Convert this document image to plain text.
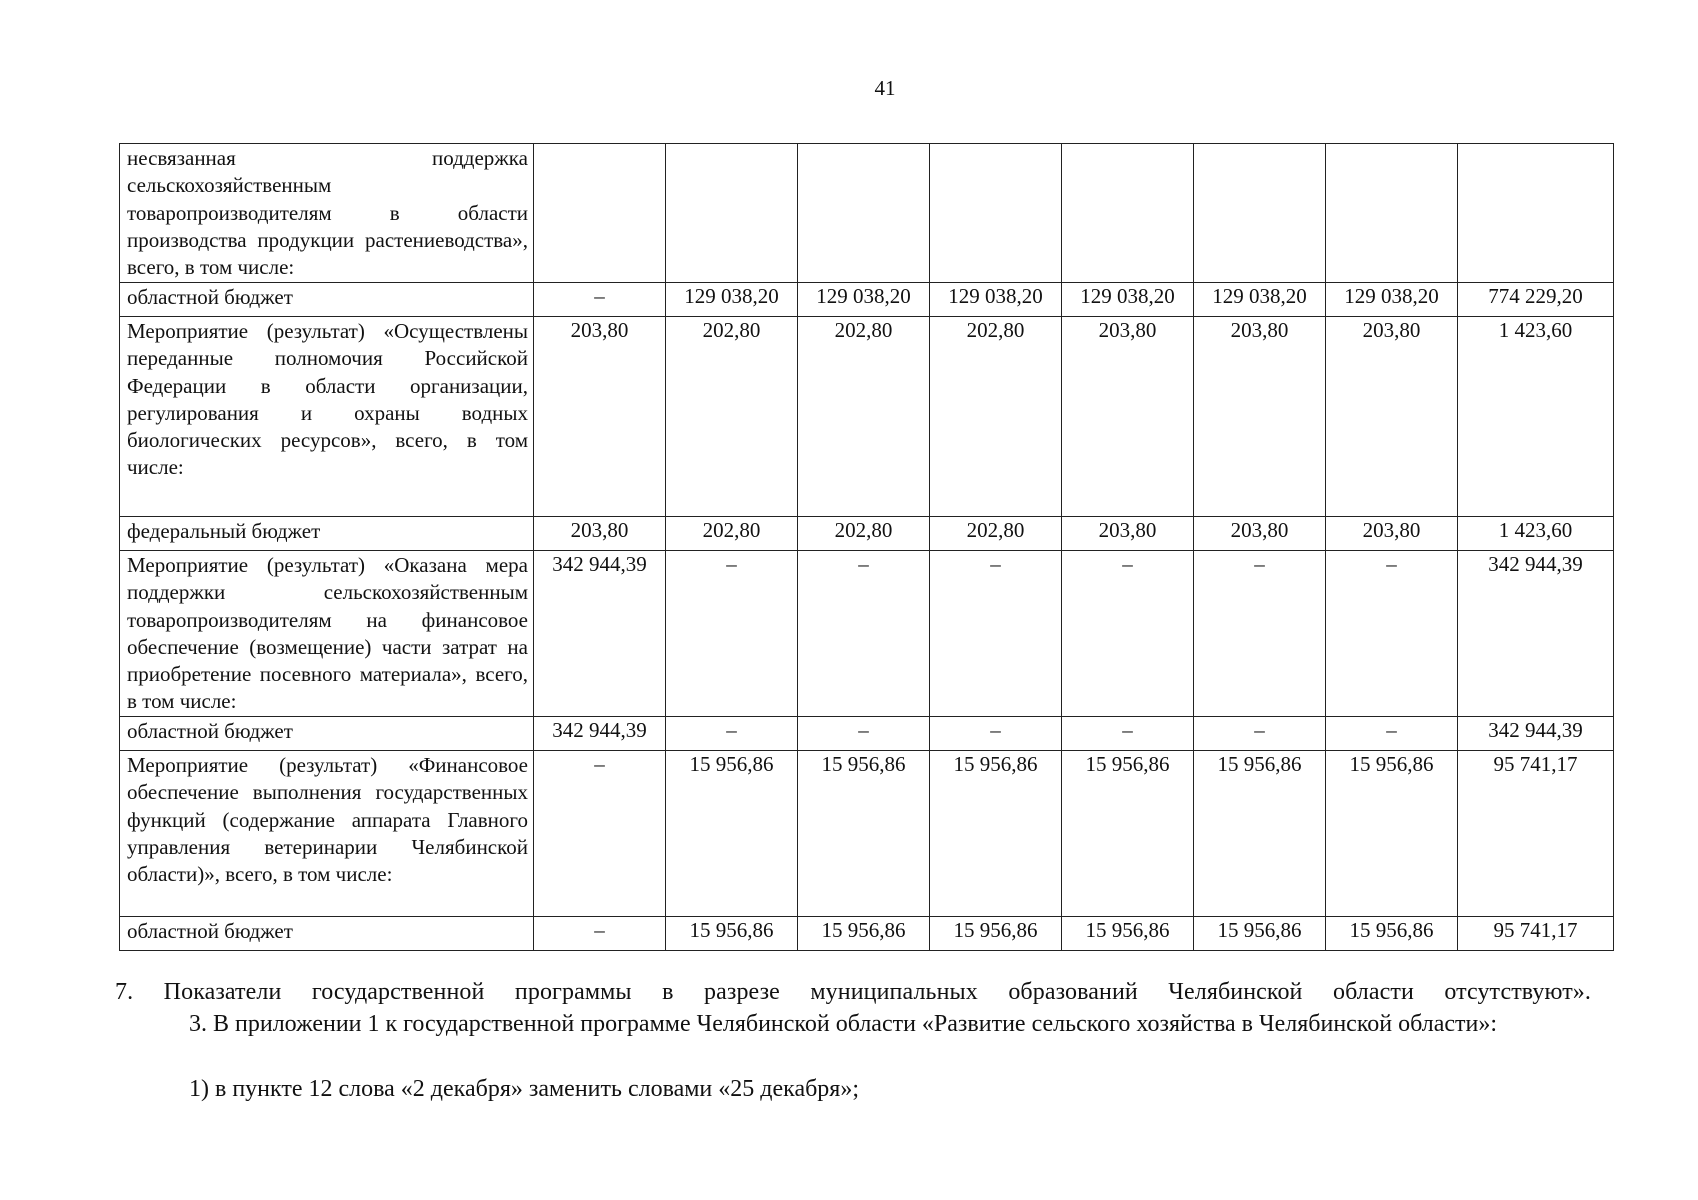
41
несвязанная поддержка сельскохозяйственным товаропроизводителям в области производства продукции растениеводства», всего, в том числе:								
областной бюджет	–	129 038,20	129 038,20	129 038,20	129 038,20	129 038,20	129 038,20	774 229,20
Мероприятие (результат) «Осуществлены переданные полномочия Российской Федерации в области организации, регулирования и охраны водных биологических ресурсов», всего, в том числе:	203,80	202,80	202,80	202,80	203,80	203,80	203,80	1 423,60
федеральный бюджет	203,80	202,80	202,80	202,80	203,80	203,80	203,80	1 423,60
Мероприятие (результат) «Оказана мера поддержки сельскохозяйственным товаропроизводителям на финансовое обеспечение (возмещение) части затрат на приобретение посевного материала», всего, в том числе:	342 944,39	–	–	–	–	–	–	342 944,39
областной бюджет	342 944,39	–	–	–	–	–	–	342 944,39
Мероприятие (результат) «Финансовое обеспечение выполнения государственных функций (содержание аппарата Главного управления ветеринарии Челябинской области)», всего, в том числе:	–	15 956,86	15 956,86	15 956,86	15 956,86	15 956,86	15 956,86	95 741,17
областной бюджет	–	15 956,86	15 956,86	15 956,86	15 956,86	15 956,86	15 956,86	95 741,17
7. Показатели государственной программы в разрезе муниципальных образований Челябинской области отсутствуют».
3. В приложении 1 к государственной программе Челябинской области «Развитие сельского хозяйства в Челябинской области»:
1) в пункте 12 слова «2 декабря» заменить словами «25 декабря»;
